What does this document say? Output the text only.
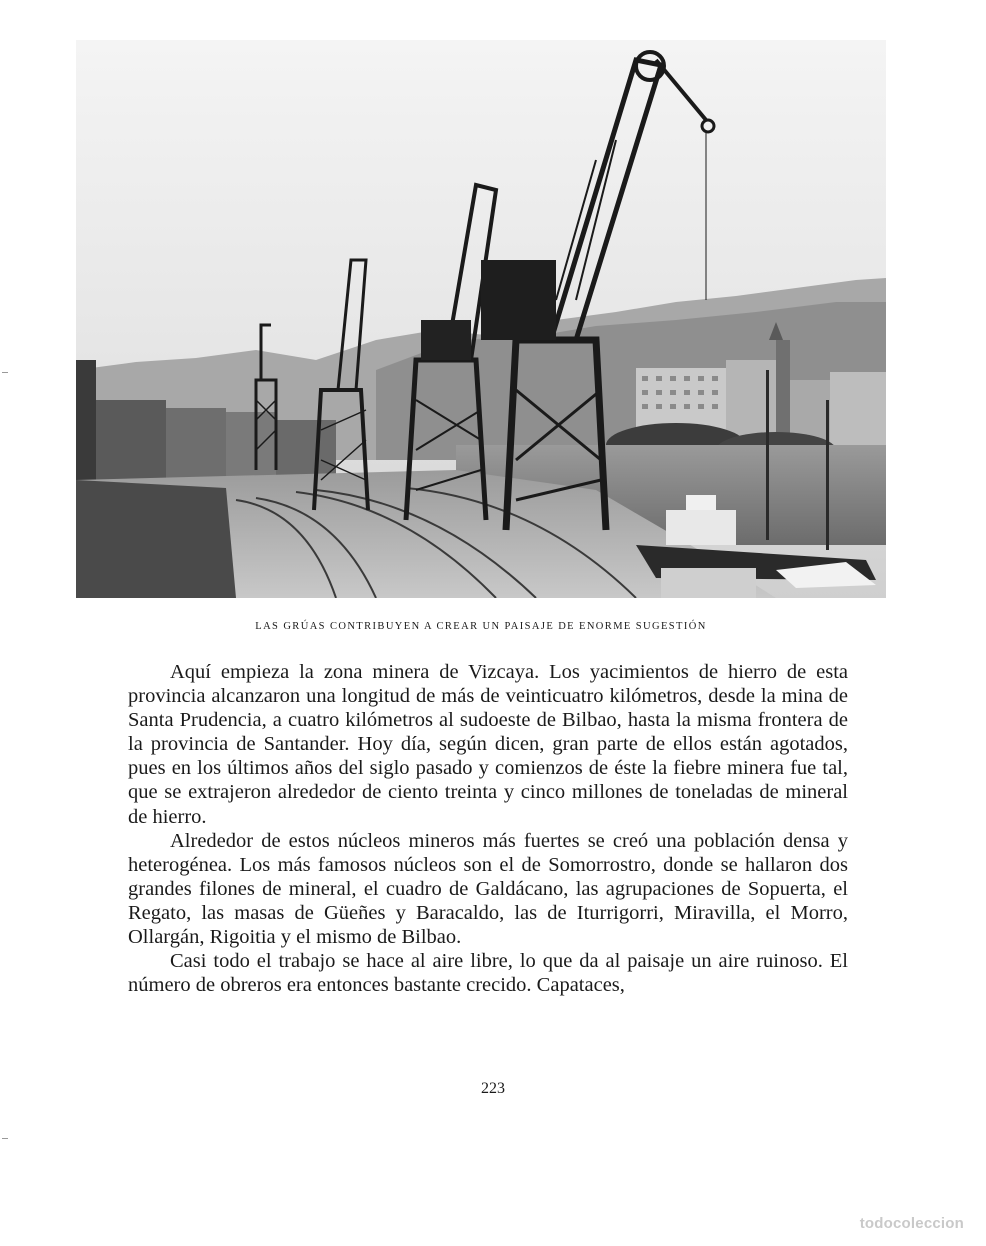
LAS GRÚAS CONTRIBUYEN A CREAR UN PAISAJE DE ENORME SUGESTIÓN

Aquí empieza la zona minera de Vizcaya. Los yacimientos de hierro de esta provincia alcanzaron una longitud de más de veinticuatro kilómetros, desde la mina de Santa Prudencia, a cuatro kilómetros al sudoeste de Bilbao, hasta la misma frontera de la provincia de Santander. Hoy día, según dicen, gran parte de ellos están agotados, pues en los últimos años del siglo pasado y comienzos de éste la fiebre minera fue tal, que se extrajeron alrededor de ciento treinta y cinco millones de toneladas de mineral de hierro.

Alrededor de estos núcleos mineros más fuertes se creó una población densa y heterogénea. Los más famosos núcleos son el de Somorrostro, donde se hallaron dos grandes filones de mineral, el cuadro de Galdácano, las agrupaciones de Sopuerta, el Regato, las masas de Güeñes y Baracaldo, las de Iturrigorri, Miravilla, el Morro, Ollargán, Rigoitia y el mismo de Bilbao.

Casi todo el trabajo se hace al aire libre, lo que da al paisaje un aire ruinoso. El número de obreros era entonces bastante crecido. Capataces,

223
todocoleccion
